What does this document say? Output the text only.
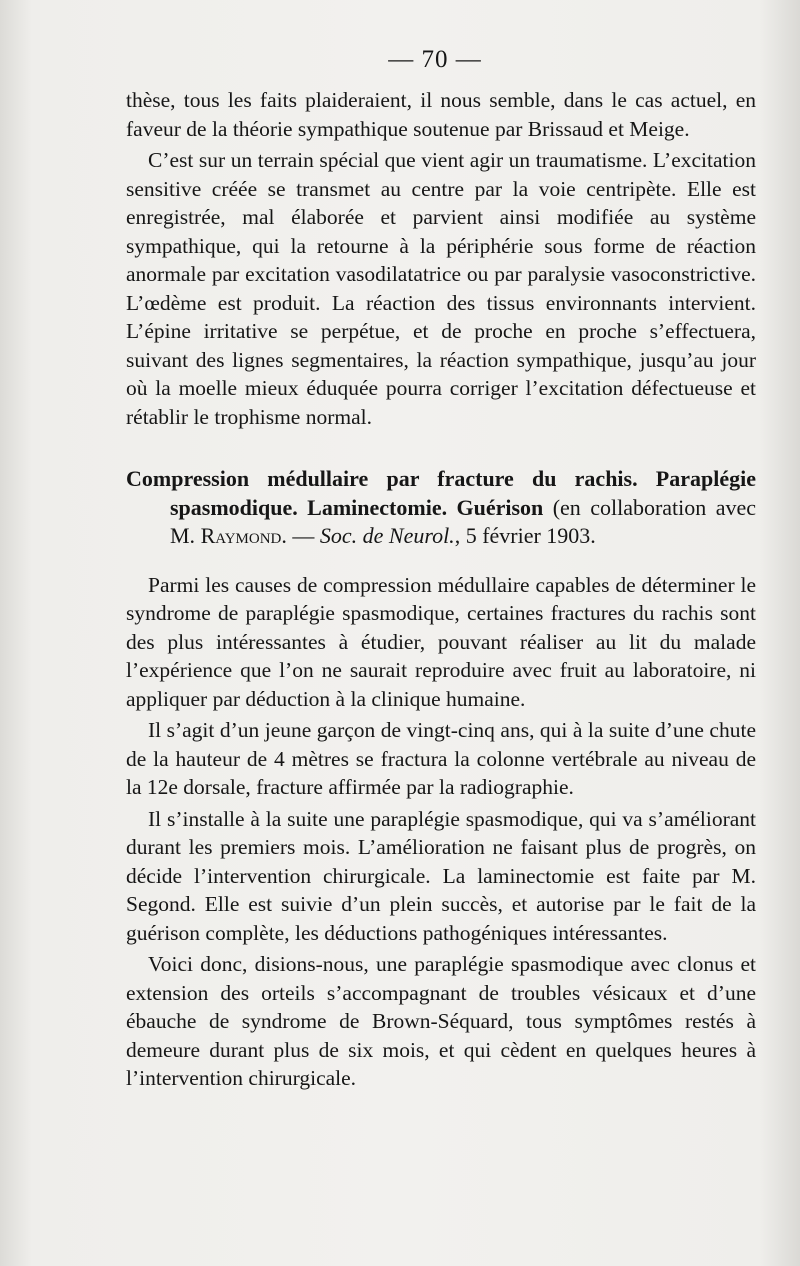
— 70 —

thèse, tous les faits plaideraient, il nous semble, dans le cas actuel, en faveur de la théorie sympathique soutenue par Brissaud et Meige.

C’est sur un terrain spécial que vient agir un traumatisme. L’excitation sensitive créée se transmet au centre par la voie centripète. Elle est enregistrée, mal élaborée et parvient ainsi modifiée au système sympathique, qui la retourne à la périphérie sous forme de réaction anormale par excitation vasodilatatrice ou par paralysie vasoconstrictive. L’œdème est produit. La réaction des tissus environnants intervient. L’épine irritative se perpétue, et de proche en proche s’effectuera, suivant des lignes segmentaires, la réaction sympathique, jusqu’au jour où la moelle mieux éduquée pourra corriger l’excitation défectueuse et rétablir le trophisme normal.

Compression médullaire par fracture du rachis. Paraplégie spasmodique. Laminectomie. Guérison (en collaboration avec M. Raymond. — Soc. de Neurol., 5 février 1903.

Parmi les causes de compression médullaire capables de déterminer le syndrome de paraplégie spasmodique, certaines fractures du rachis sont des plus intéressantes à étudier, pouvant réaliser au lit du malade l’expérience que l’on ne saurait reproduire avec fruit au laboratoire, ni appliquer par déduction à la clinique humaine.

Il s’agit d’un jeune garçon de vingt-cinq ans, qui à la suite d’une chute de la hauteur de 4 mètres se fractura la colonne vertébrale au niveau de la 12e dorsale, fracture affirmée par la radiographie.

Il s’installe à la suite une paraplégie spasmodique, qui va s’améliorant durant les premiers mois. L’amélioration ne faisant plus de progrès, on décide l’intervention chirurgicale. La laminectomie est faite par M. Segond. Elle est suivie d’un plein succès, et autorise par le fait de la guérison complète, les déductions pathogéniques intéressantes.

Voici donc, disions-nous, une paraplégie spasmodique avec clonus et extension des orteils s’accompagnant de troubles vésicaux et d’une ébauche de syndrome de Brown-Séquard, tous symptômes restés à demeure durant plus de six mois, et qui cèdent en quelques heures à l’intervention chirurgicale.
